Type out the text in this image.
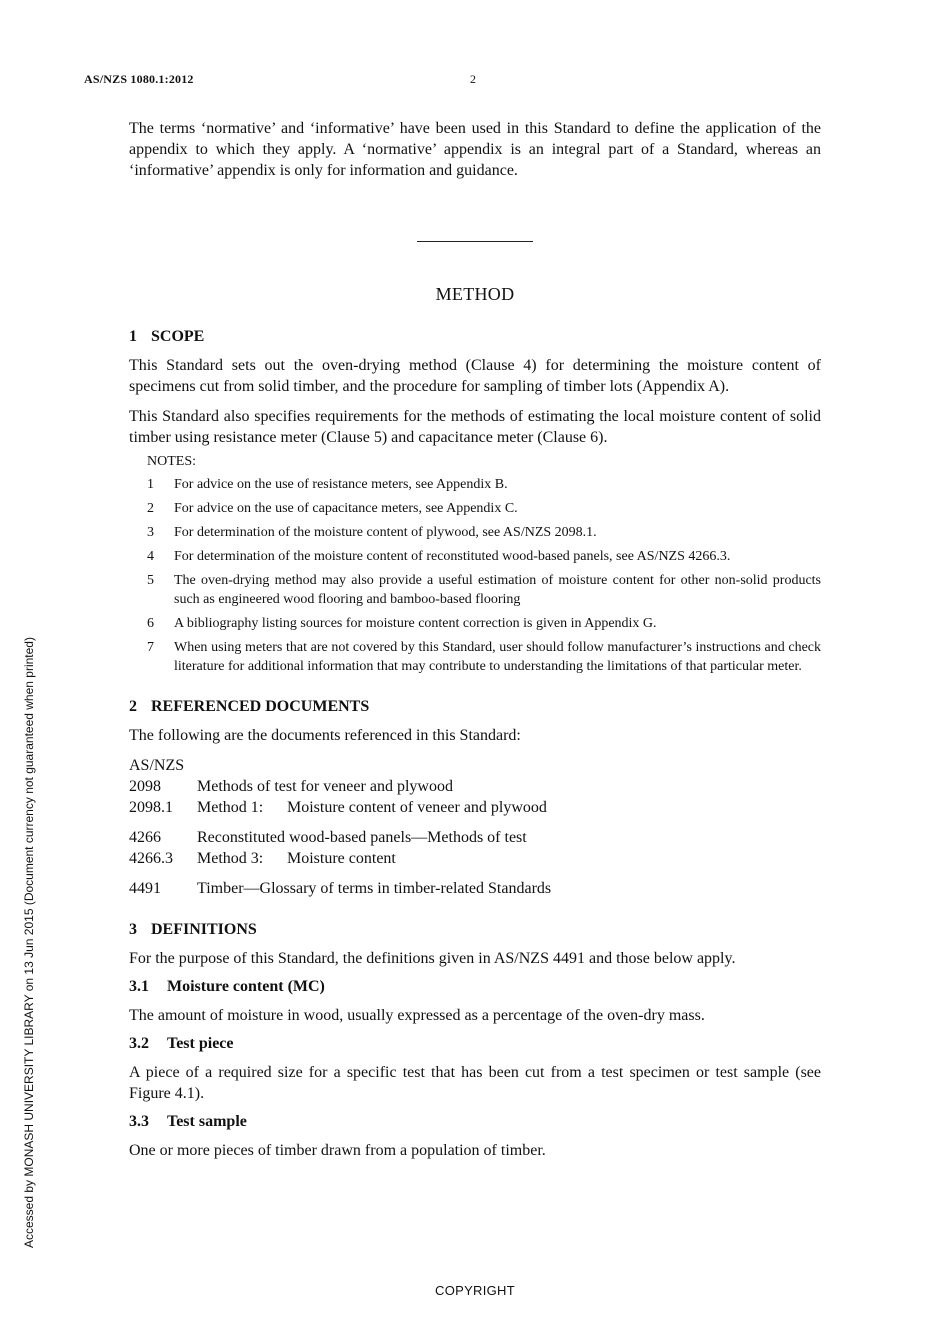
AS/NZS 1080.1:2012	2

The terms ‘normative’ and ‘informative’ have been used in this Standard to define the application of the appendix to which they apply. A ‘normative’ appendix is an integral part of a Standard, whereas an ‘informative’ appendix is only for information and guidance.

METHOD
1 SCOPE

This Standard sets out the oven-drying method (Clause 4) for determining the moisture content of specimens cut from solid timber, and the procedure for sampling of timber lots (Appendix A).

This Standard also specifies requirements for the methods of estimating the local moisture content of solid timber using resistance meter (Clause 5) and capacitance meter (Clause 6).

NOTES:
1	For advice on the use of resistance meters, see Appendix B.
2	For advice on the use of capacitance meters, see Appendix C.
3	For determination of the moisture content of plywood, see AS/NZS 2098.1.
4	For determination of the moisture content of reconstituted wood-based panels, see AS/NZS 4266.3.
5	The oven-drying method may also provide a useful estimation of moisture content for other non-solid products such as engineered wood flooring and bamboo-based flooring
6	A bibliography listing sources for moisture content correction is given in Appendix G.
7	When using meters that are not covered by this Standard, user should follow manufacturer’s instructions and check literature for additional information that may contribute to understanding the limitations of that particular meter.
2 REFERENCED DOCUMENTS

The following are the documents referenced in this Standard:

AS/NZS
2098	Methods of test for veneer and plywood
2098.1	Method 1: Moisture content of veneer and plywood
4266	Reconstituted wood-based panels—Methods of test
4266.3	Method 3: Moisture content
4491	Timber—Glossary of terms in timber-related Standards
3 DEFINITIONS

For the purpose of this Standard, the definitions given in AS/NZS 4491 and those below apply.

3.1 Moisture content (MC)

The amount of moisture in wood, usually expressed as a percentage of the oven-dry mass.

3.2 Test piece

A piece of a required size for a specific test that has been cut from a test specimen or test sample (see Figure 4.1).

3.3 Test sample

One or more pieces of timber drawn from a population of timber.

COPYRIGHT
Accessed by MONASH UNIVERSITY LIBRARY on 13 Jun 2015 (Document currency not guaranteed when printed)
